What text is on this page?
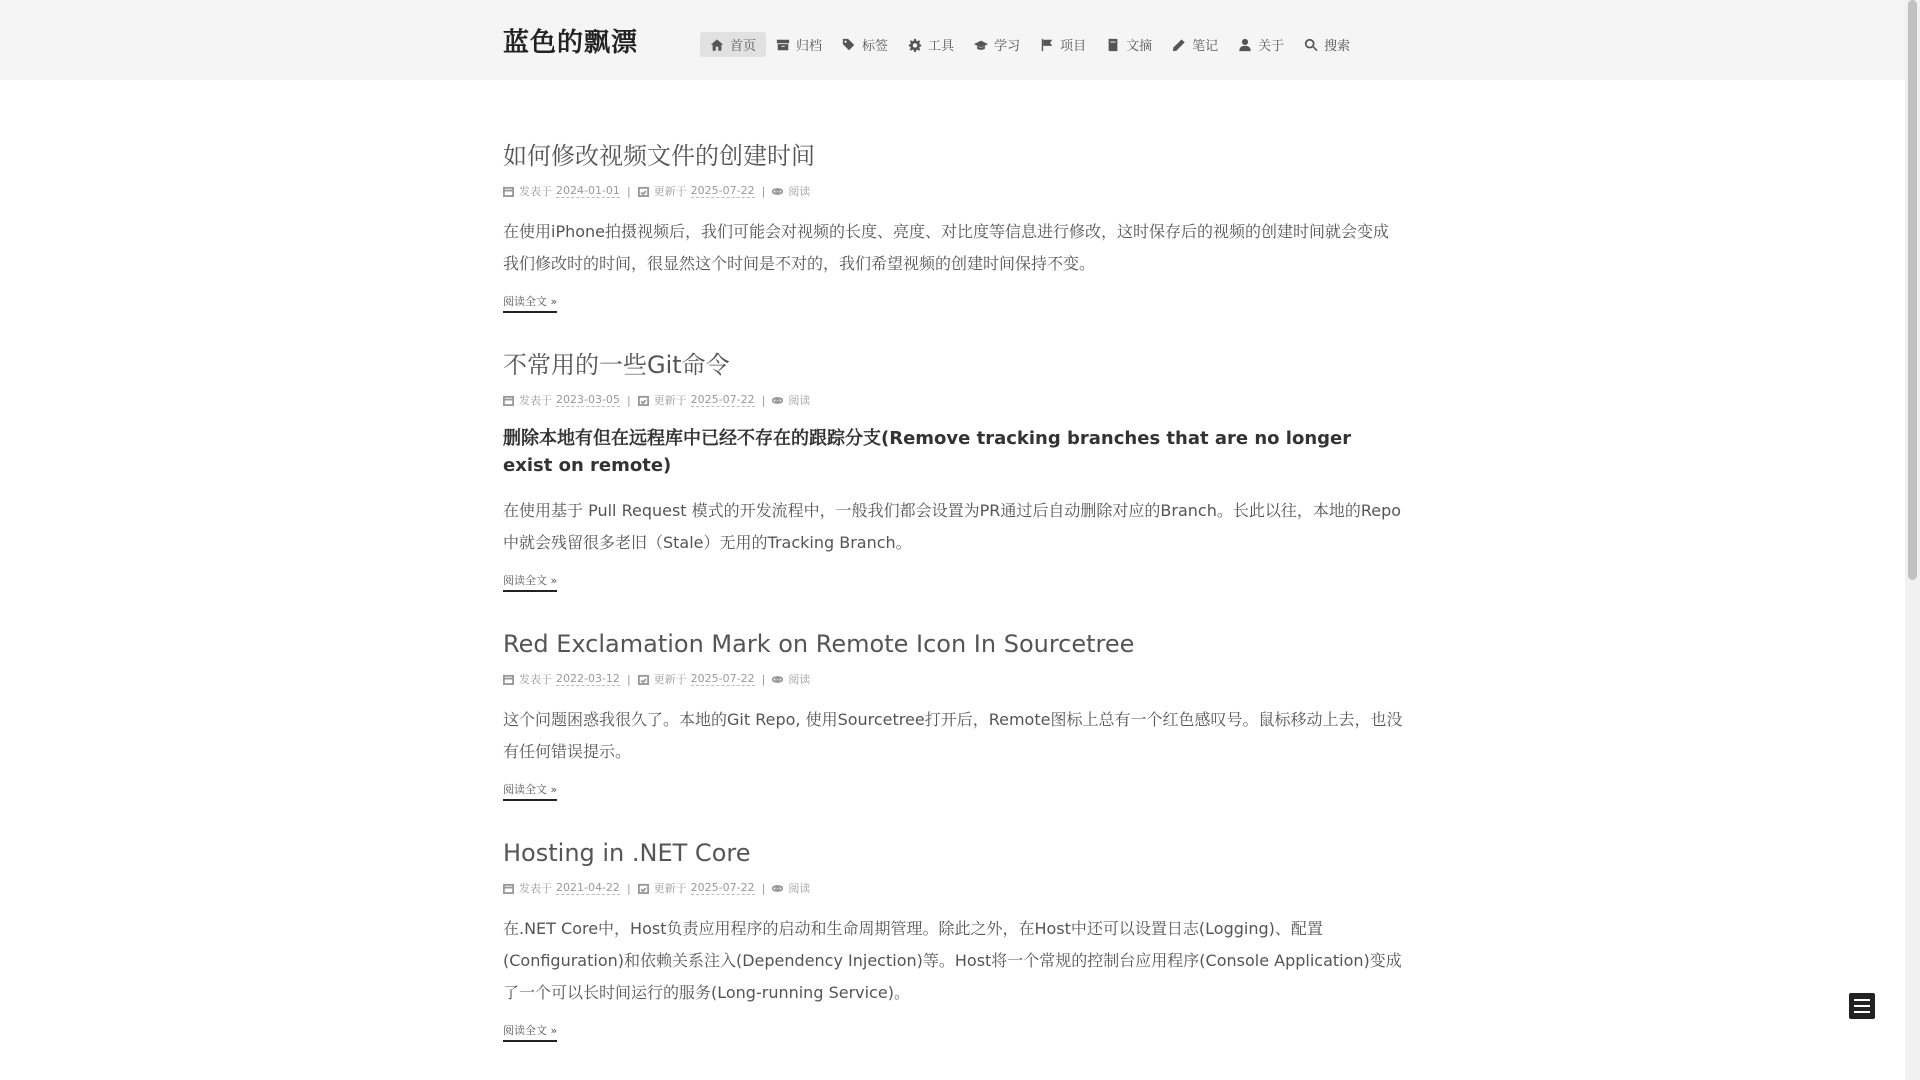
蓝色的飘漂	首页	归档	标签	工具	学习	项目	文摘	笔记	关于	搜索
如何修改视频文件的创建时间
发表于 2024-01-01 | 更新于 2025-07-22 | 阅读
在使用iPhone拍摄视频后，我们可能会对视频的长度、亮度、对比度等信息进行修改，这时保存后的视频的创建时间就会变成我们修改时的时间，很显然这个时间是不对的，我们希望视频的创建时间保持不变。
阅读全文 »
不常用的一些Git命令
发表于 2023-03-05 | 更新于 2025-07-22 | 阅读
删除本地有但在远程库中已经不存在的跟踪分支(Remove tracking branches that are no longer exist on remote)
在使用基于 Pull Request 模式的开发流程中，一般我们都会设置为PR通过后自动删除对应的Branch。长此以往，本地的Repo中就会残留很多老旧（Stale）无用的Tracking Branch。
阅读全文 »
Red Exclamation Mark on Remote Icon In Sourcetree
发表于 2022-03-12 | 更新于 2025-07-22 | 阅读
这个问题困惑我很久了。本地的Git Repo, 使用Sourcetree打开后，Remote图标上总有一个红色感叹号。鼠标移动上去，也没有任何错误提示。
阅读全文 »
Hosting in .NET Core
发表于 2021-04-22 | 更新于 2025-07-22 | 阅读
在.NET Core中，Host负责应用程序的启动和生命周期管理。除此之外，在Host中还可以设置日志(Logging)、配置(Configuration)和依赖关系注入(Dependency Injection)等。Host将一个常规的控制台应用程序(Console Application)变成了一个可以长时间运行的服务(Long-running Service)。
阅读全文 »
